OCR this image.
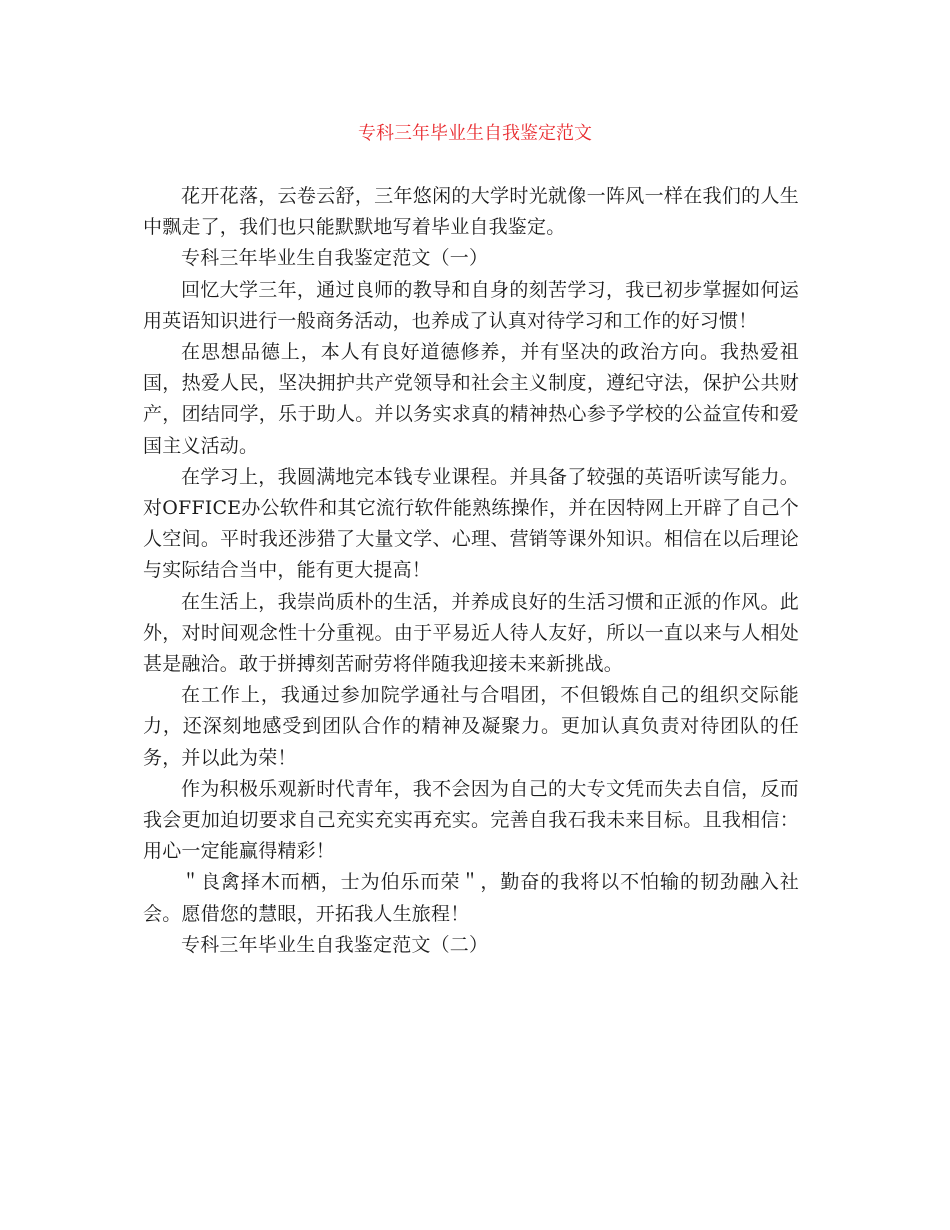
专科三年毕业生自我鉴定范文

花开花落，云卷云舒，三年悠闲的大学时光就像一阵风一样在我们的人生中飘走了，我们也只能默默地写着毕业自我鉴定。

专科三年毕业生自我鉴定范文（一）

回忆大学三年，通过良师的教导和自身的刻苦学习，我已初步掌握如何运用英语知识进行一般商务活动，也养成了认真对待学习和工作的好习惯！

在思想品德上，本人有良好道德修养，并有坚决的政治方向。我热爱祖国，热爱人民，坚决拥护共产党领导和社会主义制度，遵纪守法，保护公共财产，团结同学，乐于助人。并以务实求真的精神热心参予学校的公益宣传和爱国主义活动。

在学习上，我圆满地完本钱专业课程。并具备了较强的英语听读写能力。对OFFICE办公软件和其它流行软件能熟练操作，并在因特网上开辟了自己个人空间。平时我还涉猎了大量文学、心理、营销等课外知识。相信在以后理论与实际结合当中，能有更大提高！

在生活上，我崇尚质朴的生活，并养成良好的生活习惯和正派的作风。此外，对时间观念性十分重视。由于平易近人待人友好，所以一直以来与人相处甚是融洽。敢于拼搏刻苦耐劳将伴随我迎接未来新挑战。

在工作上，我通过参加院学通社与合唱团，不但锻炼自己的组织交际能力，还深刻地感受到团队合作的精神及凝聚力。更加认真负责对待团队的任务，并以此为荣！

作为积极乐观新时代青年，我不会因为自己的大专文凭而失去自信，反而我会更加迫切要求自己充实充实再充实。完善自我石我未来目标。且我相信：用心一定能赢得精彩！

＂良禽择木而栖，士为伯乐而荣＂，勤奋的我将以不怕输的韧劲融入社会。愿借您的慧眼，开拓我人生旅程！

专科三年毕业生自我鉴定范文（二）
